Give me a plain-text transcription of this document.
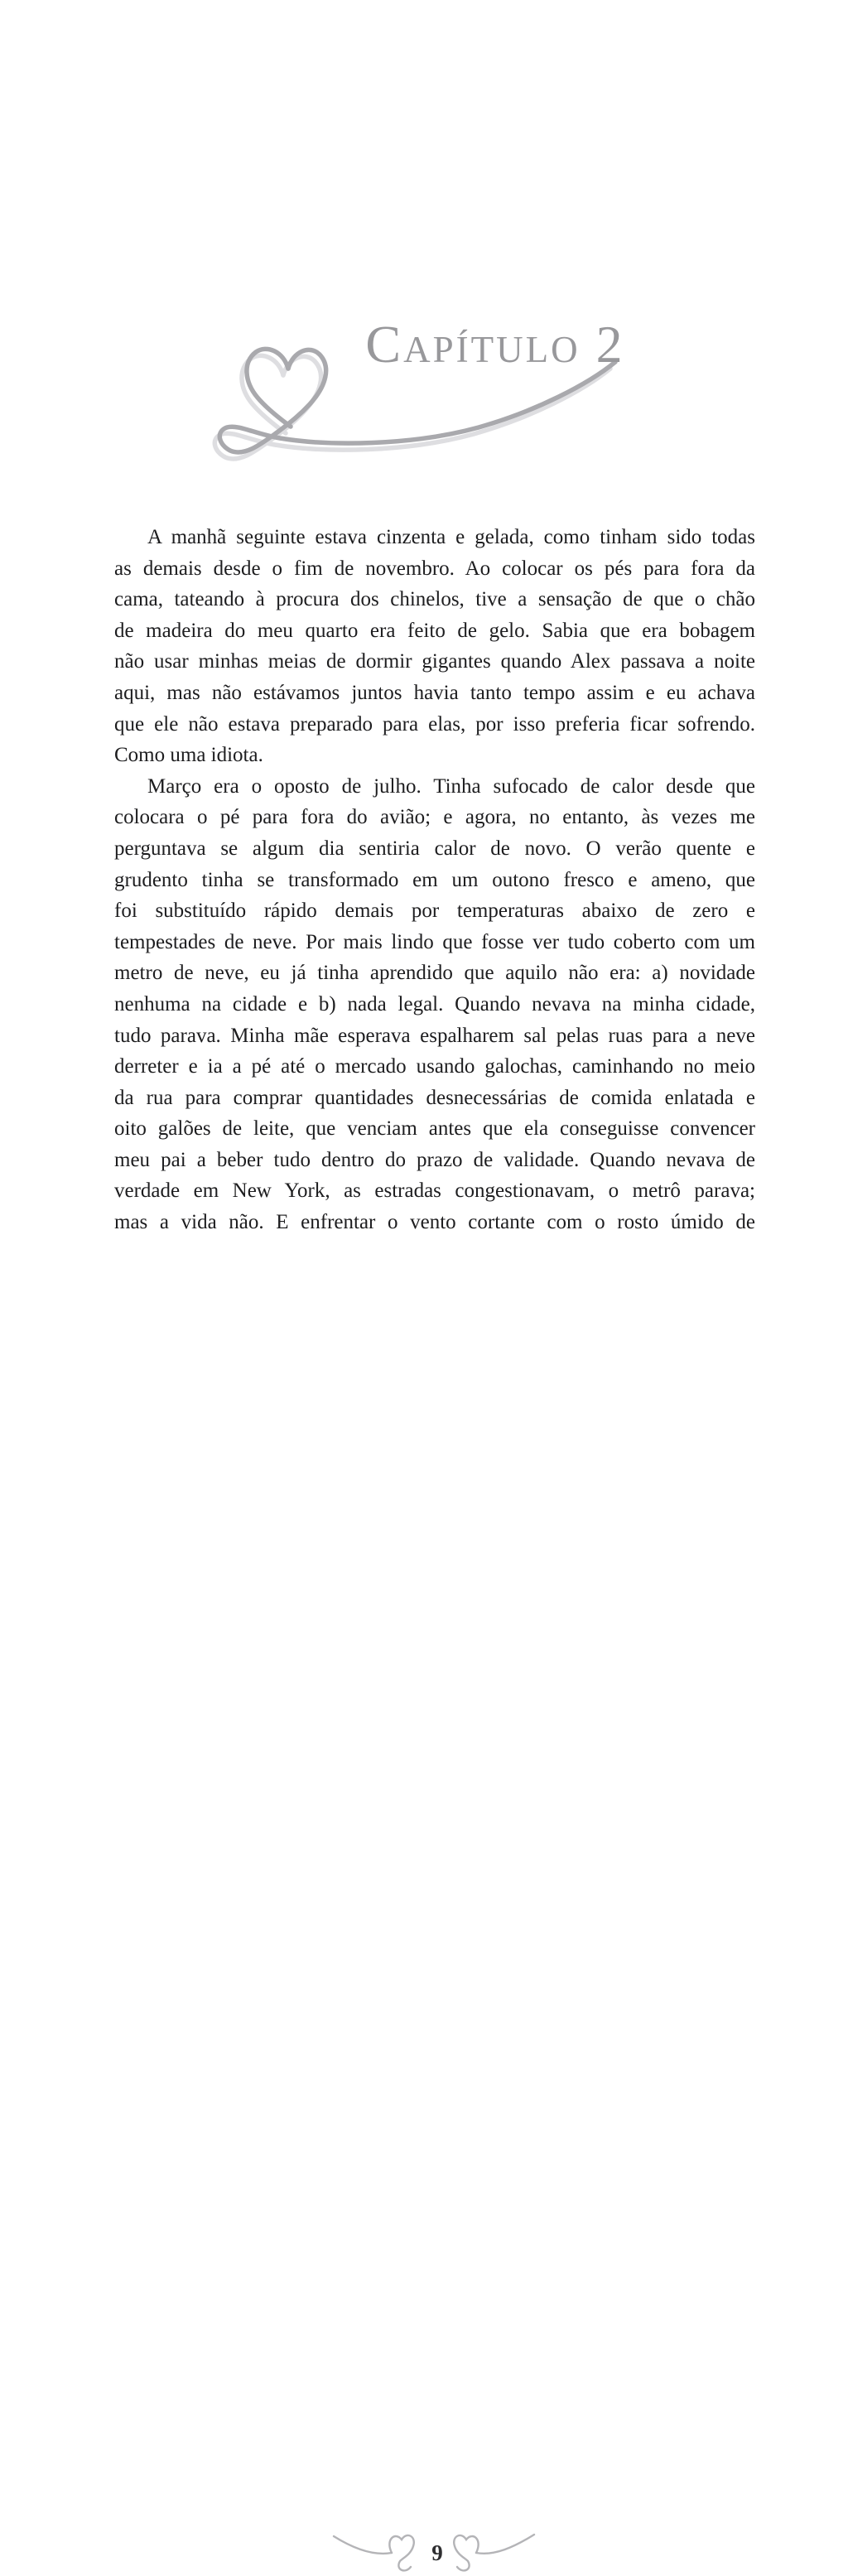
Capítulo 2
A manhã seguinte estava cinzenta e gelada, como tinham sido todas
as demais desde o fim de novembro. Ao colocar os pés para fora da
cama, tateando à procura dos chinelos, tive a sensação de que o chão
de madeira do meu quarto era feito de gelo. Sabia que era bobagem
não usar minhas meias de dormir gigantes quando Alex passava a noite
aqui, mas não estávamos juntos havia tanto tempo assim e eu achava
que ele não estava preparado para elas, por isso preferia ficar sofrendo.
Como uma idiota.
Março era o oposto de julho. Tinha sufocado de calor desde que
colocara o pé para fora do avião; e agora, no entanto, às vezes me
perguntava se algum dia sentiria calor de novo. O verão quente e
grudento tinha se transformado em um outono fresco e ameno, que
foi substituído rápido demais por temperaturas abaixo de zero e
tempestades de neve. Por mais lindo que fosse ver tudo coberto com um
metro de neve, eu já tinha aprendido que aquilo não era: a) novidade
nenhuma na cidade e b) nada legal. Quando nevava na minha cidade,
tudo parava. Minha mãe esperava espalharem sal pelas ruas para a neve
derreter e ia a pé até o mercado usando galochas, caminhando no meio
da rua para comprar quantidades desnecessárias de comida enlatada e
oito galões de leite, que venciam antes que ela conseguisse convencer
meu pai a beber tudo dentro do prazo de validade. Quando nevava de
verdade em New York, as estradas congestionavam, o metrô parava;
mas a vida não. E enfrentar o vento cortante com o rosto úmido de
9
